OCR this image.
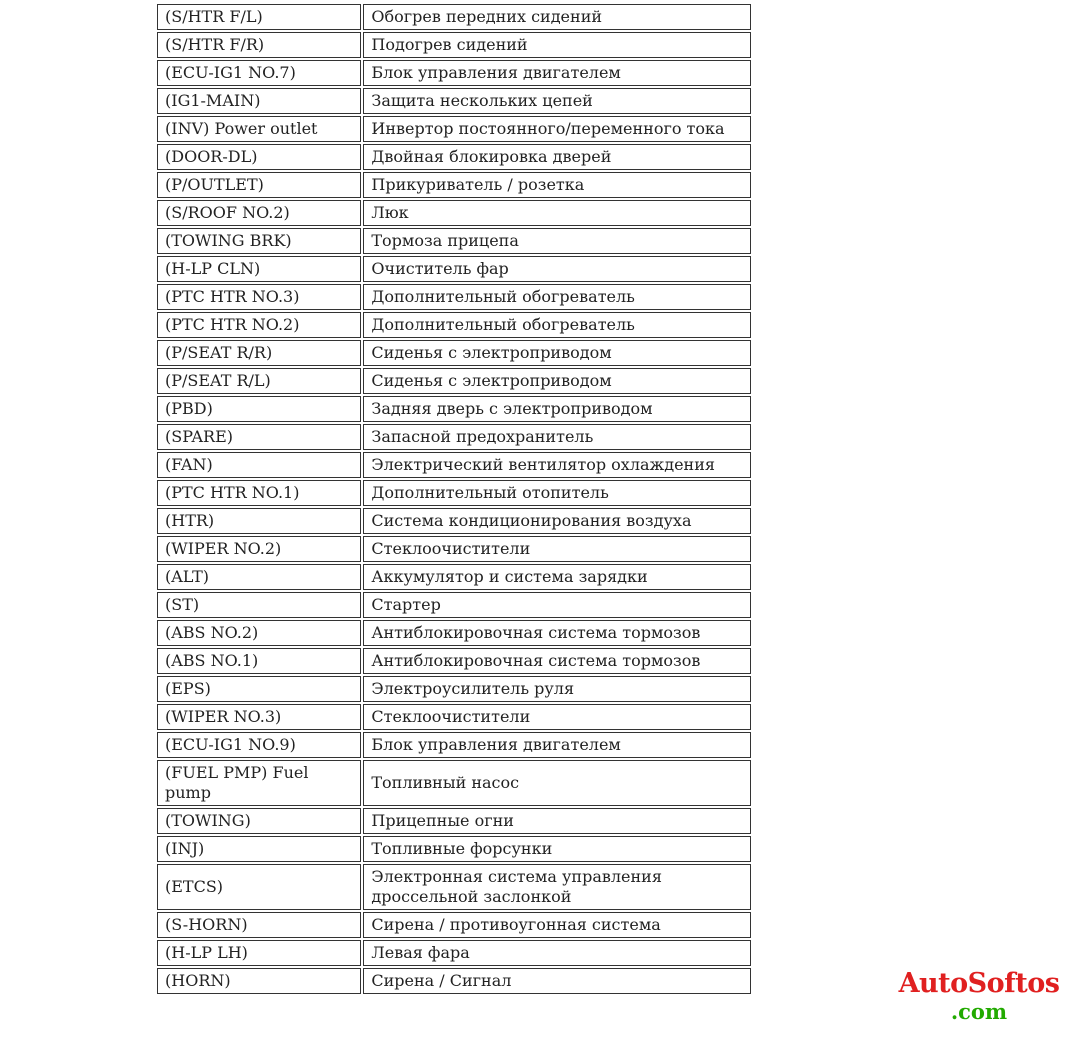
(S/HTR F/L)	Обогрев передних сидений
(S/HTR F/R)	Подогрев сидений
(ECU-IG1 NO.7)	Блок управления двигателем
(IG1-MAIN)	Защита нескольких цепей
(INV) Power outlet	Инвертор постоянного/переменного тока
(DOOR-DL)	Двойная блокировка дверей
(P/OUTLET)	Прикуриватель / розетка
(S/ROOF NO.2)	Люк
(TOWING BRK)	Тормоза прицепа
(H-LP CLN)	Очиститель фар
(PTC HTR NO.3)	Дополнительный обогреватель
(PTC HTR NO.2)	Дополнительный обогреватель
(P/SEAT R/R)	Сиденья с электроприводом
(P/SEAT R/L)	Сиденья с электроприводом
(PBD)	Задняя дверь с электроприводом
(SPARE)	Запасной предохранитель
(FAN)	Электрический вентилятор охлаждения
(PTC HTR NO.1)	Дополнительный отопитель
(HTR)	Система кондиционирования воздуха
(WIPER NO.2)	Стеклоочистители
(ALT)	Аккумулятор и система зарядки
(ST)	Стартер
(ABS NO.2)	Антиблокировочная система тормозов
(ABS NO.1)	Антиблокировочная система тормозов
(EPS)	Электроусилитель руля
(WIPER NO.3)	Стеклоочистители
(ECU-IG1 NO.9)	Блок управления двигателем
(FUEL PMP) Fuel pump	Топливный насос
(TOWING)	Прицепные огни
(INJ)	Топливные форсунки
(ETCS)	Электронная система управления дроссельной заслонкой
(S-HORN)	Сирена / противоугонная система
(H-LP LH)	Левая фара
(HORN)	Сирена / Сигнал	AutoSoftos
.com
